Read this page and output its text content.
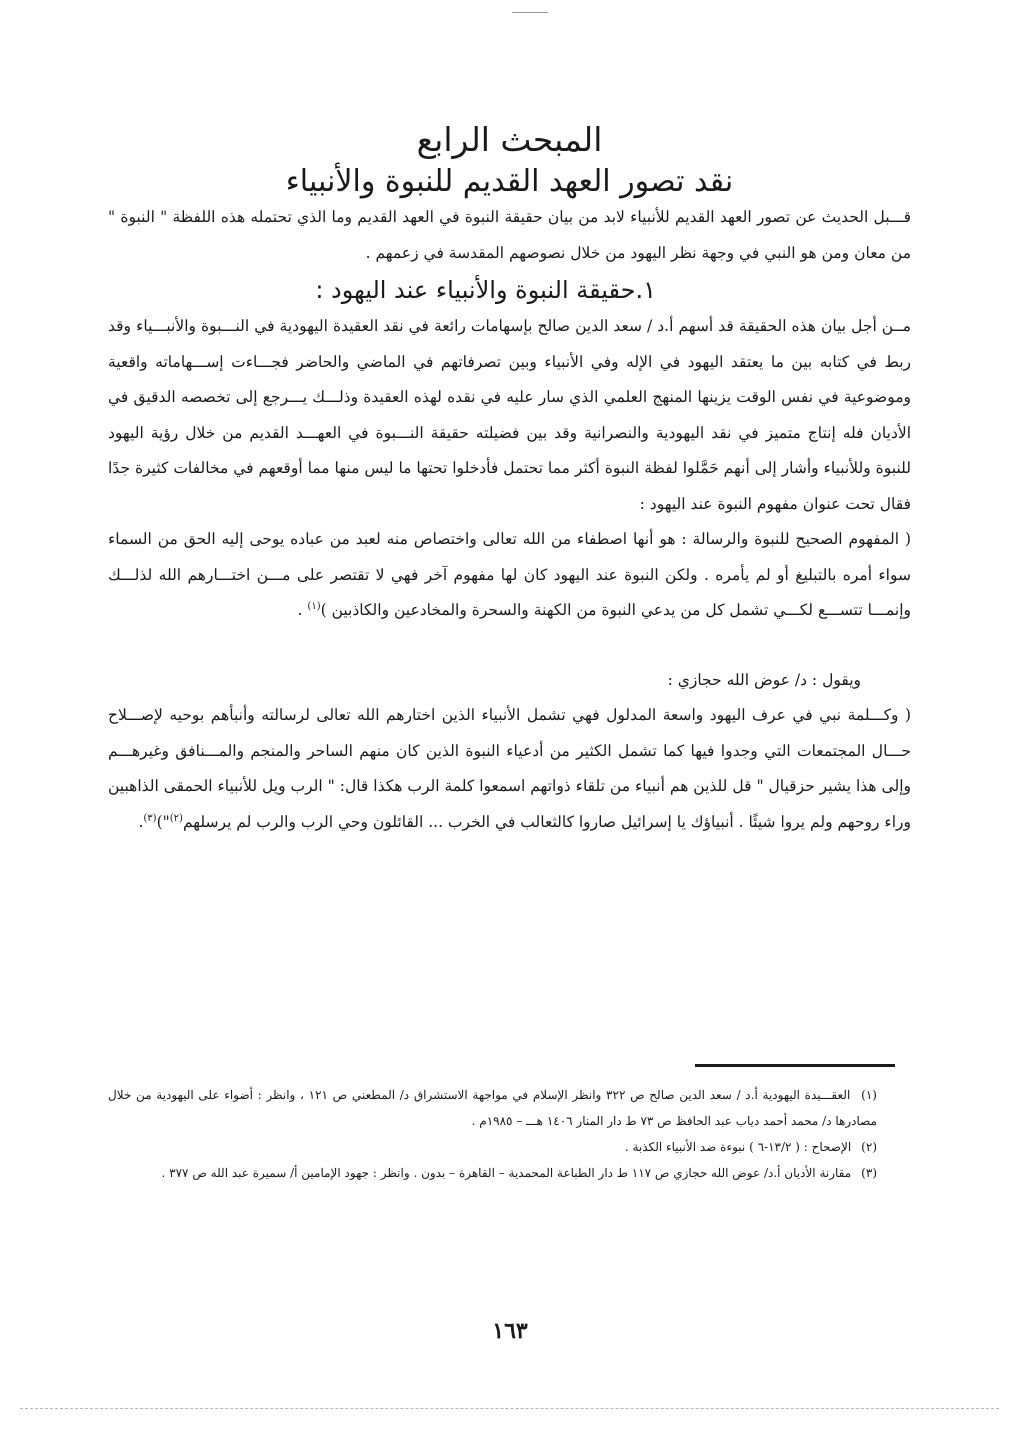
المبحث الرابع
نقد تصور العهد القديم للنبوة والأنبياء

قـــبل الحديث عن تصور العهد القديم للأنبياء لابد من بيان حقيقة النبوة في العهد القديم وما الذي تحتمله هذه اللفظة " النبوة " من معان ومن هو النبي في وجهة نظر اليهود من خلال نصوصهم المقدسة في زعمهم .

١.حقيقة النبوة والأنبياء عند اليهود :

مــن أجل بيان هذه الحقيقة قد أسهم أ.د / سعد الدين صالح بإسهامات رائعة في نقد العقيدة اليهودية في النـــبوة والأنبـــياء وقد ربط في كتابه بين ما يعتقد اليهود في الإله وفي الأنبياء وبين تصرفاتهم في الماضي والحاضر فجـــاءت إســـهاماته واقعية وموضوعية في نفس الوقت يزينها المنهج العلمي الذي سار عليه في نقده لهذه العقيدة وذلـــك يـــرجع إلى تخصصه الدقيق في الأديان فله إنتاج متميز في نقد اليهودية والنصرانية وقد بين فضيلته حقيقة النـــبوة في العهـــد القديم من خلال رؤية اليهود للنبوة وللأنبياء وأشار إلى أنهم حَمَّلوا لفظة النبوة أكثر مما تحتمل فأدخلوا تحتها ما ليس منها مما أوقعهم في مخالفات كثيرة جدًا فقال تحت عنوان مفهوم النبوة عند اليهود :

( المفهوم الصحيح للنبوة والرسالة : هو أنها اصطفاء من الله تعالى واختصاص منه لعبد من عباده يوحى إليه الحق من السماء سواء أمره بالتبليغ أو لم يأمره . ولكن النبوة عند اليهود كان لها مفهوم آخر فهي لا تقتصر على مـــن اختـــارهم الله لذلـــك وإنمـــا تتســـع لكـــي تشمل كل من يدعي النبوة من الكهنة والسحرة والمخادعين والكاذبين )$^{(١)}$ .

ويقول : د/ عوض الله حجازي :

( وكـــلمة نبي في عرف اليهود واسعة المدلول فهي تشمل الأنبياء الذين اختارهم الله تعالى لرسالته وأنبأهم بوحيه لإصـــلاح حـــال المجتمعات التي وجدوا فيها كما تشمل الكثير من أدعياء النبوة الذين كان منهم الساحر والمنجم والمـــنافق وغيرهـــم وإلى هذا يشير حزقيال " قل للذين هم أنبياء من تلقاء ذواتهم اسمعوا كلمة الرب هكذا قال: " الرب ويل للأنبياء الحمقى الذاهبين وراء روحهم ولم يروا شيئًا . أنبياؤك يا إسرائيل صاروا كالثعالب في الخرب ... القائلون وحي الرب والرب لم يرسلهم$^{(٢)}$")$^{(٣)}$.

(١) العقـــيدة اليهودية أ.د / سعد الدين صالح ص ٣٢٢ وانظر الإسلام في مواجهة الاستشراق د/ المطعني ص ١٢١ ، وانظر : أضواء على اليهودية من خلال مصادرها د/ محمد أحمد دياب عبد الحافظ ص ٧٣ ط دار المنار ١٤٠٦ هـــ – ١٩٨٥م .

(٢) الإصحاح : ( ١٣/٢-٦ ) نبوءة ضد الأنبياء الكذبة .

(٣) مقارنة الأديان أ.د/ عوض الله حجازي ص ١١٧ ط دار الطباعة المحمدية – القاهرة – بدون . وانظر : جهود الإمامين أ/ سميرة عبد الله ص ٣٧٧ .

١٦٣
